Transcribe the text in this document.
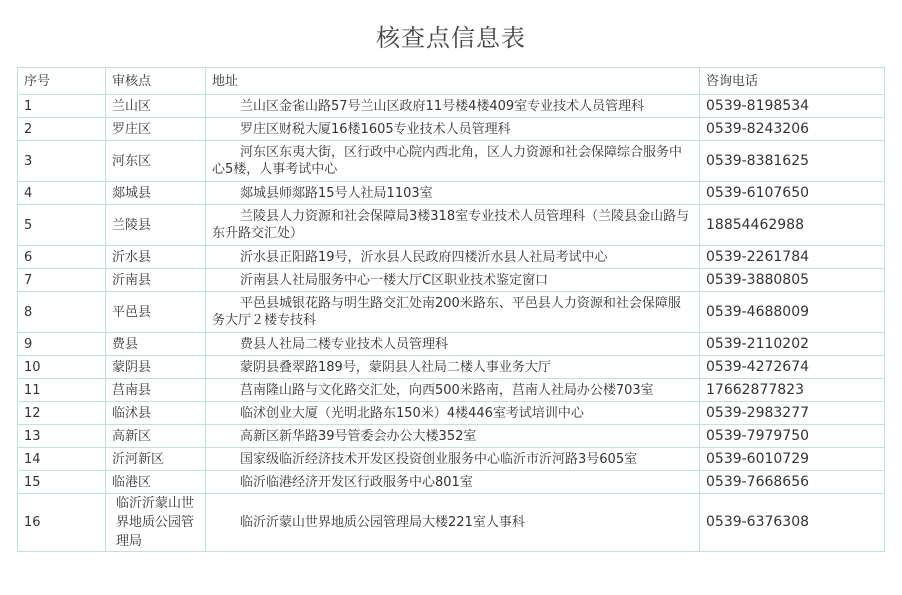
核查点信息表
序号	审核点	地址	咨询电话
1	兰山区	兰山区金雀山路57号兰山区政府11号楼4楼409室专业技术人员管理科	0539-8198534
2	罗庄区	罗庄区财税大厦16楼1605专业技术人员管理科	0539-8243206
3	河东区	河东区东夷大街，区行政中心院内西北角，区人力资源和社会保障综合服务中心5楼，人事考试中心	0539-8381625
4	郯城县	郯城县师郯路15号人社局1103室	0539-6107650
5	兰陵县	兰陵县人力资源和社会保障局3楼318室专业技术人员管理科（兰陵县金山路与东升路交汇处）	18854462988
6	沂水县	沂水县正阳路19号，沂水县人民政府四楼沂水县人社局考试中心	0539-2261784
7	沂南县	沂南县人社局服务中心一楼大厅C区职业技术鉴定窗口	0539-3880805
8	平邑县	平邑县城银花路与明生路交汇处南200米路东、平邑县人力资源和社会保障服务大厅２楼专技科	0539-4688009
9	费县	费县人社局二楼专业技术人员管理科	0539-2110202
10	蒙阴县	蒙阴县叠翠路189号，蒙阴县人社局二楼人事业务大厅	0539-4272674
11	莒南县	莒南隆山路与文化路交汇处，向西500米路南，莒南人社局办公楼703室	17662877823
12	临沭县	临沭创业大厦（光明北路东150米）4楼446室考试培训中心	0539-2983277
13	高新区	高新区新华路39号管委会办公大楼352室	0539-7979750
14	沂河新区	国家级临沂经济技术开发区投资创业服务中心临沂市沂河路3号605室	0539-6010729
15	临港区	临沂临港经济开发区行政服务中心801室	0539-7668656
16	临沂沂蒙山世界地质公园管理局	临沂沂蒙山世界地质公园管理局大楼221室人事科	0539-6376308
